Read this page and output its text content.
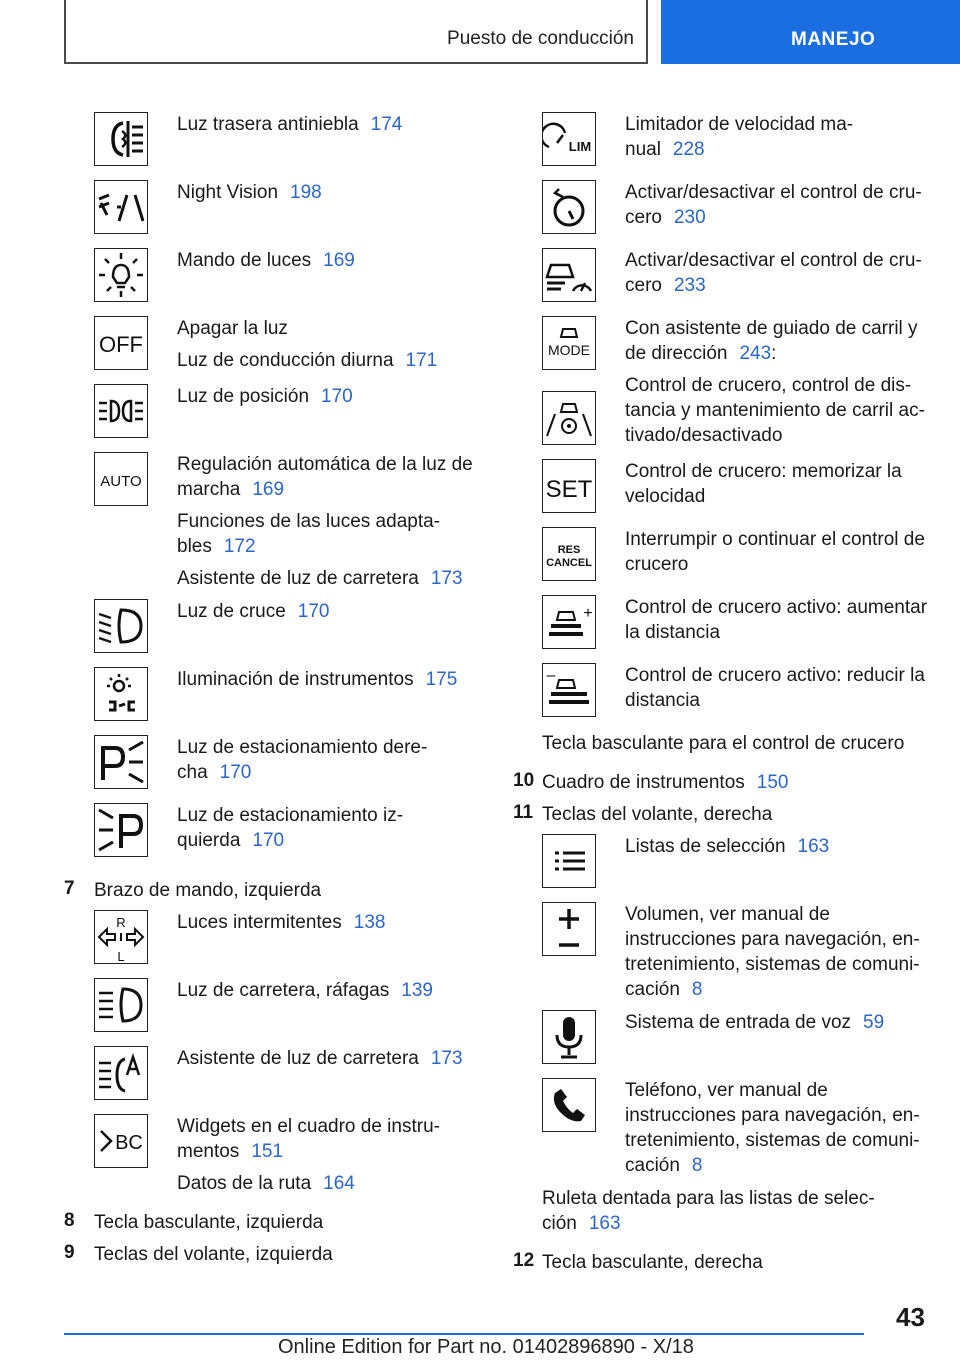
Puesto de conducción	MANEJO
Luz trasera antiniebla 174
Night Vision 198
Mando de luces 169
OFF
Apagar la luz
Luz de conducción diurna 171
Luz de posición 170
AUTO
Regulación automática de la luz de
marcha 169
Funciones de las luces adapta-
bles 172
Asistente de luz de carretera 173
Luz de cruce 170
Iluminación de instrumentos 175
Luz de estacionamiento dere-
cha 170
Luz de estacionamiento iz-
quierda 170
7 Brazo de mando, izquierda
R
L
Luces intermitentes 138
Luz de carretera, ráfagas 139
Asistente de luz de carretera 173
BC
Widgets en el cuadro de instru-
mentos 151
Datos de la ruta 164
8 Tecla basculante, izquierda
9 Teclas del volante, izquierda
LIM
Limitador de velocidad ma-
nual 228
Activar/desactivar el control de cru-
cero 230
Activar/desactivar el control de cru-
cero 233
MODE
Con asistente de guiado de carril y
de dirección 243:
Control de crucero, control de dis-
tancia y mantenimiento de carril ac-
tivado/desactivado
SET
Control de crucero: memorizar la
velocidad
RES
CANCEL
Interrumpir o continuar el control de
crucero
+ Control de crucero activo: aumentar
la distancia
–	Control de crucero activo: reducir la
distancia
Tecla basculante para el control de crucero
10 Cuadro de instrumentos 150
11 Teclas del volante, derecha
Listas de selección 163
Volumen, ver manual de
instrucciones para navegación, en-
tretenimiento, sistemas de comuni-
cación 8
Sistema de entrada de voz 59
Teléfono, ver manual de
instrucciones para navegación, en-
tretenimiento, sistemas de comuni-
cación 8
Ruleta dentada para las listas de selec-
ción 163
12 Tecla basculante, derecha
43
Online Edition for Part no. 01402896890 - X/18
